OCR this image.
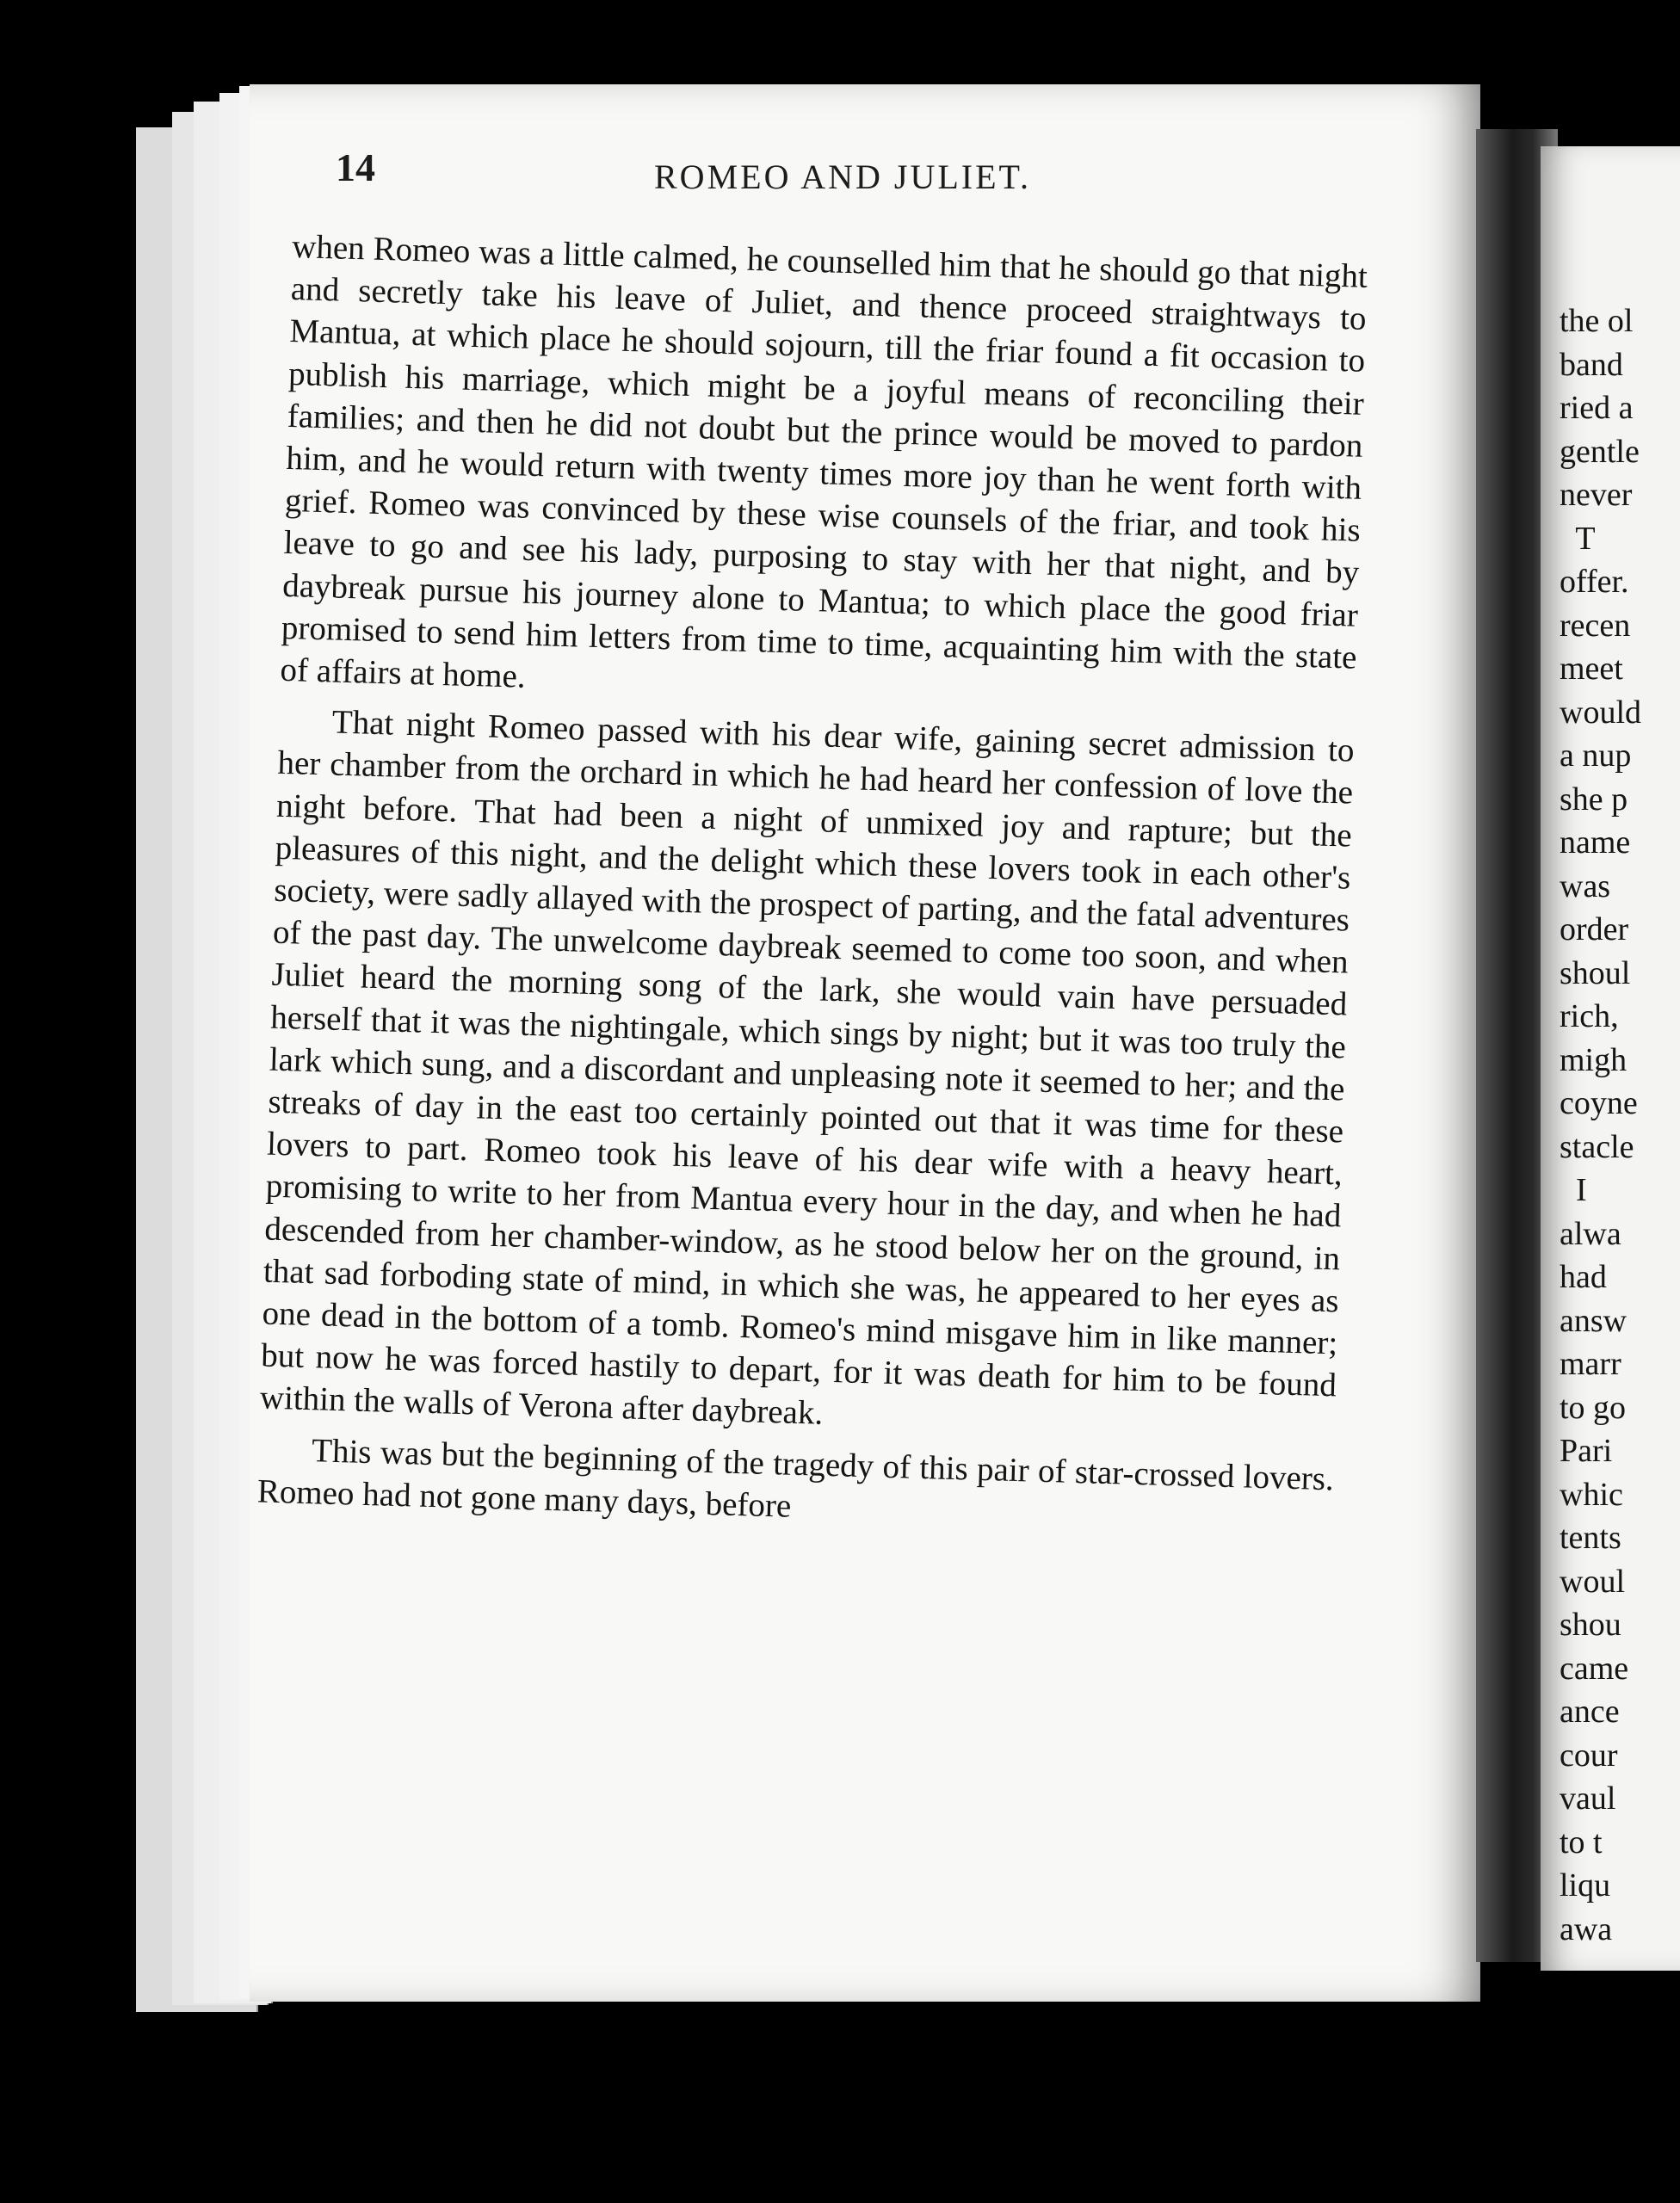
the ol
band
ried a
gentle
never
T
offer.
recen
meet
would
a nup
she p
name
was
order
shoul
rich,
migh
coyne
stacle
I
alwa
had
answ
marr
to go
Pari
whic
tents
woul
shou
came
ance
cour
vaul
to t
liqu
awa
14	ROMEO AND JULIET.

when Romeo was a little calmed, he counselled him that he should go that night and secretly take his leave of Juliet, and thence proceed straightways to Mantua, at which place he should sojourn, till the friar found a fit occasion to publish his marriage, which might be a joyful means of reconciling their families; and then he did not doubt but the prince would be moved to pardon him, and he would return with twenty times more joy than he went forth with grief. Romeo was convinced by these wise counsels of the friar, and took his leave to go and see his lady, purposing to stay with her that night, and by daybreak pursue his journey alone to Mantua; to which place the good friar promised to send him letters from time to time, acquainting him with the state of affairs at home.

That night Romeo passed with his dear wife, gaining secret admission to her chamber from the orchard in which he had heard her confession of love the night before. That had been a night of unmixed joy and rapture; but the pleasures of this night, and the delight which these lovers took in each other's society, were sadly allayed with the prospect of parting, and the fatal adventures of the past day. The unwelcome daybreak seemed to come too soon, and when Juliet heard the morning song of the lark, she would vain have persuaded herself that it was the nightingale, which sings by night; but it was too truly the lark which sung, and a discordant and unpleasing note it seemed to her; and the streaks of day in the east too certainly pointed out that it was time for these lovers to part. Romeo took his leave of his dear wife with a heavy heart, promising to write to her from Mantua every hour in the day, and when he had descended from her chamber-window, as he stood below her on the ground, in that sad forboding state of mind, in which she was, he appeared to her eyes as one dead in the bottom of a tomb. Romeo's mind misgave him in like manner; but now he was forced hastily to depart, for it was death for him to be found within the walls of Verona after daybreak.

This was but the beginning of the tragedy of this pair of star-crossed lovers. Romeo had not gone many days, before
